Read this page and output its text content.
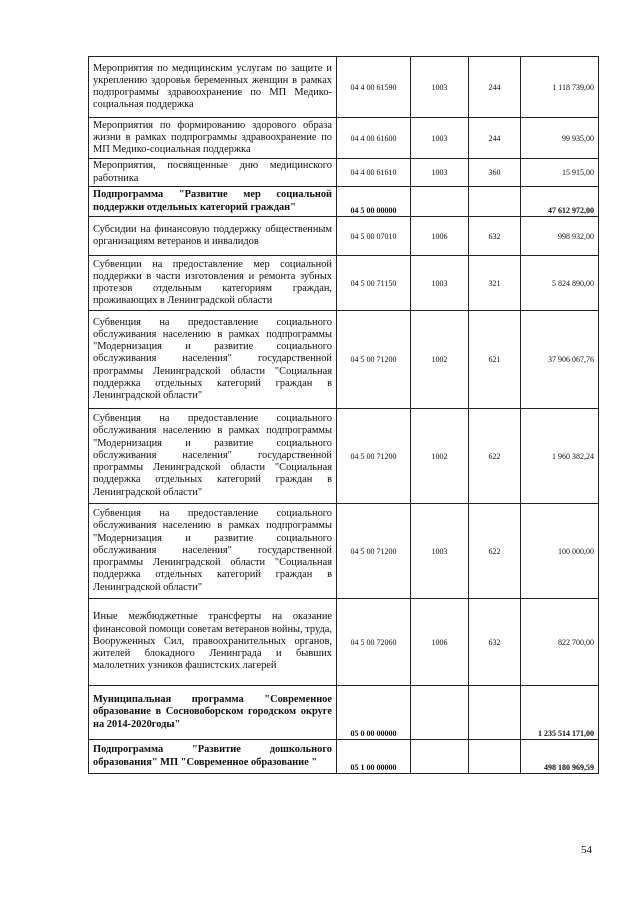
Мероприятия по медицинским услугам по защите и укреплению здоровья беременных женщин в рамках подпрограммы здравоохранение по МП Медико-социальная поддержка	04 4 00 61590	1003	244	1 118 739,00
Мероприятия по формированию здорового образа жизни в рамках подпрограммы здравоохранение по МП Медико-социальная поддержка	04 4 00 61600	1003	244	99 935,00
Мероприятия, посвященные дню медицинского работника	04 4 00 61610	1003	360	15 915,00
Подпрограмма "Развитие мер социальной поддержки отдельных категорий граждан"	04 5 00 00000			47 612 972,00
Субсидии на финансовую поддержку общественным организациям ветеранов и инвалидов	04 5 00 07010	1006	632	998 932,00
Субвенции на предоставление мер социальной поддержки в части изготовления и ремонта зубных протезов отдельным категориям граждан, проживающих в Ленинградской области	04 5 00 71150	1003	321	5 824 890,00
Субвенция на предоставление социального обслуживания населению в рамках подпрограммы "Модернизация и развитие социального обслуживания населения" государственной программы Ленинградской области "Социальная поддержка отдельных категорий граждан в Ленинградской области"	04 5 00 71200	1002	621	37 906 067,76
Субвенция на предоставление социального обслуживания населению в рамках подпрограммы "Модернизация и развитие социального обслуживания населения" государственной программы Ленинградской области "Социальная поддержка отдельных категорий граждан в Ленинградской области"	04 5 00 71200	1002	622	1 960 382,24
Субвенция на предоставление социального обслуживания населению в рамках подпрограммы "Модернизация и развитие социального обслуживания населения" государственной программы Ленинградской области "Социальная поддержка отдельных категорий граждан в Ленинградской области"	04 5 00 71200	1003	622	100 000,00
Иные межбюджетные трансферты на оказание финансовой помощи советам ветеранов войны, труда, Вооруженных Сил, правоохранительных органов, жителей блокадного Ленинграда и бывших малолетних узников фашистских лагерей	04 5 00 72060	1006	632	822 700,00
Муниципальная программа "Современное образование в Сосновоборском городском округе на 2014-2020годы"	05 0 00 00000			1 235 514 171,00
Подпрограмма "Развитие дошкольного образования" МП "Современное образование "	05 1 00 00000			498 180 969,59
54
